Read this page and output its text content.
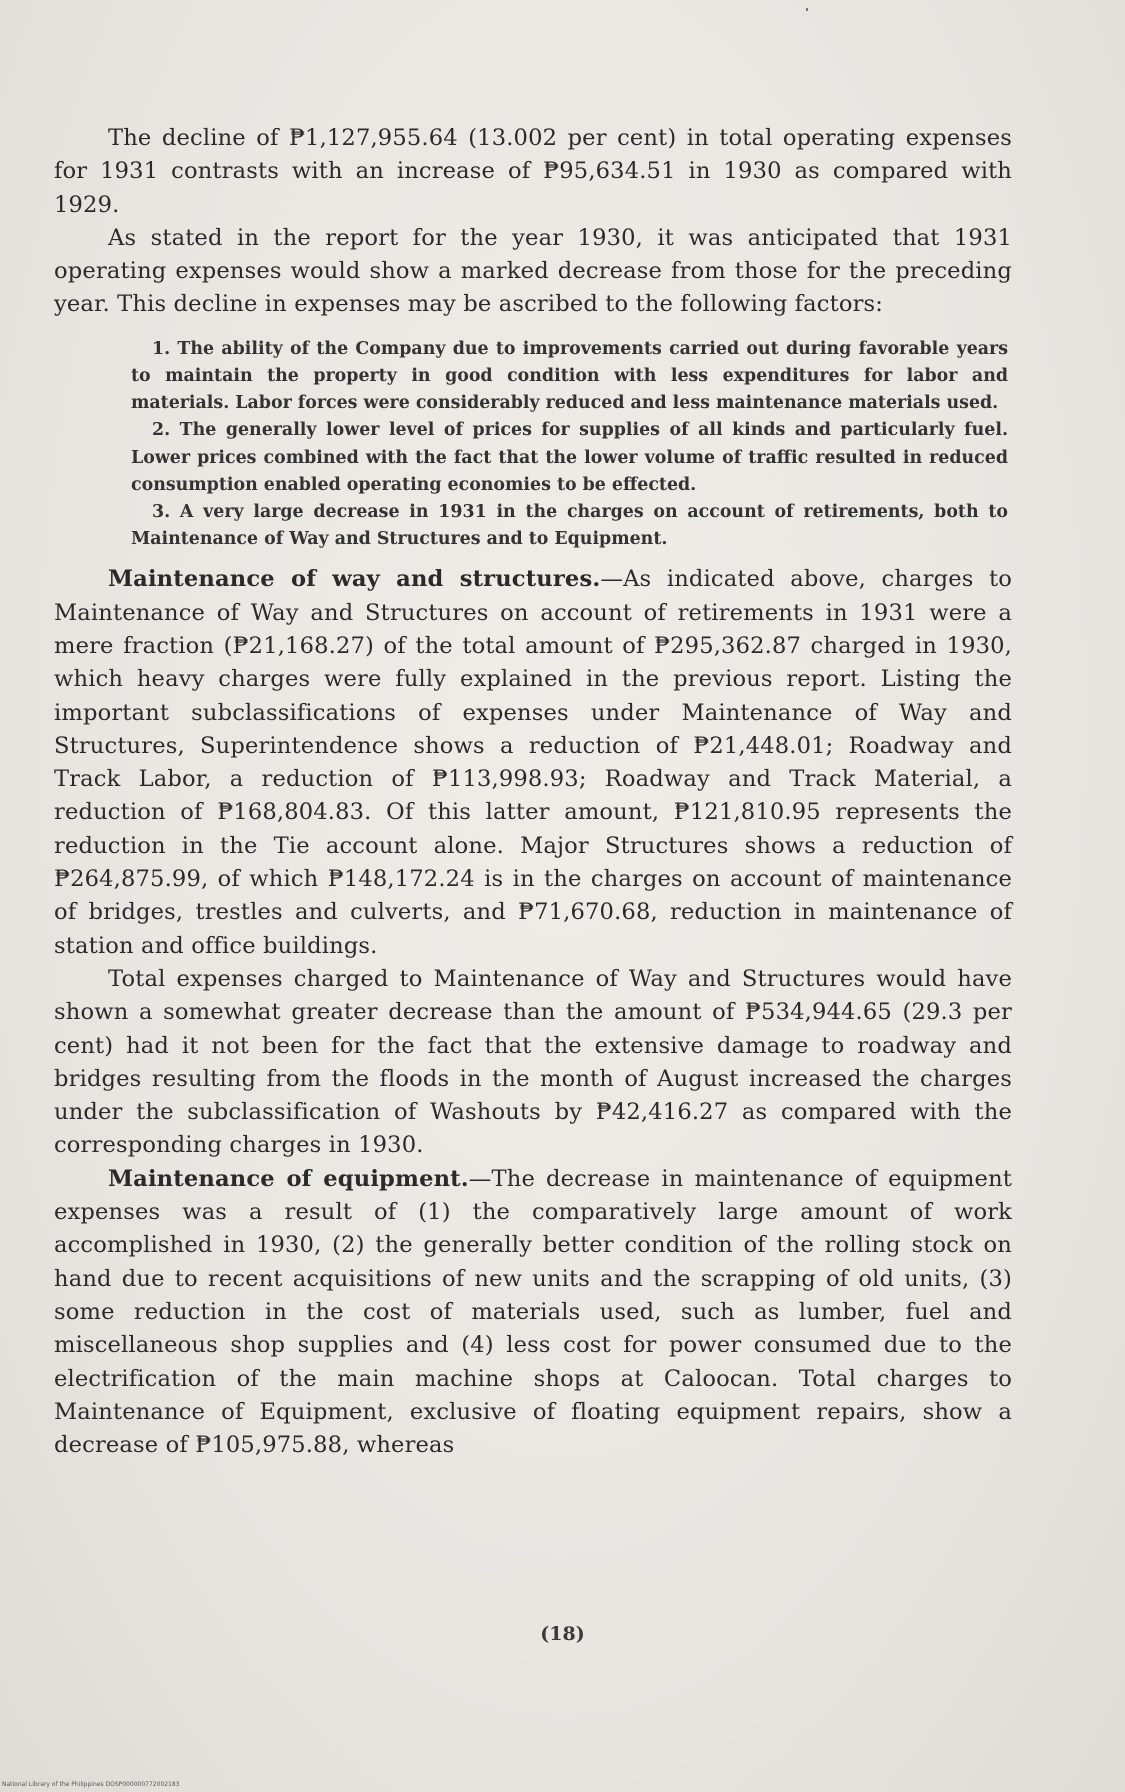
The decline of ₱1,127,955.64 (13.002 per cent) in total operating expenses for 1931 contrasts with an increase of ₱95,634.51 in 1930 as compared with 1929.

As stated in the report for the year 1930, it was anticipated that 1931 operating expenses would show a marked decrease from those for the preceding year. This decline in expenses may be ascribed to the following factors:

1. The ability of the Company due to improvements carried out during favorable years to maintain the property in good condition with less expenditures for labor and materials. Labor forces were considerably reduced and less maintenance materials used.

2. The generally lower level of prices for supplies of all kinds and particularly fuel. Lower prices combined with the fact that the lower volume of traffic resulted in reduced consumption enabled operating economies to be effected.

3. A very large decrease in 1931 in the charges on account of retirements, both to Maintenance of Way and Structures and to Equipment.

Maintenance of way and structures.—As indicated above, charges to Maintenance of Way and Structures on account of retirements in 1931 were a mere fraction (₱21,168.27) of the total amount of ₱295,362.87 charged in 1930, which heavy charges were fully explained in the previous report. Listing the important subclassifications of expenses under Maintenance of Way and Structures, Superintendence shows a reduction of ₱21,448.01; Roadway and Track Labor, a reduction of ₱113,998.93; Roadway and Track Material, a reduction of ₱168,804.83. Of this latter amount, ₱121,810.95 represents the reduction in the Tie account alone. Major Structures shows a reduction of ₱264,875.99, of which ₱148,172.24 is in the charges on account of maintenance of bridges, trestles and culverts, and ₱71,670.68, reduction in maintenance of station and office buildings.

Total expenses charged to Maintenance of Way and Structures would have shown a somewhat greater decrease than the amount of ₱534,944.65 (29.3 per cent) had it not been for the fact that the extensive damage to roadway and bridges resulting from the floods in the month of August increased the charges under the subclassification of Washouts by ₱42,416.27 as compared with the corresponding charges in 1930.

Maintenance of equipment.—The decrease in maintenance of equipment expenses was a result of (1) the comparatively large amount of work accomplished in 1930, (2) the generally better condition of the rolling stock on hand due to recent acquisitions of new units and the scrapping of old units, (3) some reduction in the cost of materials used, such as lumber, fuel and miscellaneous shop supplies and (4) less cost for power consumed due to the electrification of the main machine shops at Caloocan. Total charges to Maintenance of Equipment, exclusive of floating equipment repairs, show a decrease of ₱105,975.88, whereas

(18)
National Library of the Philippines DOSP000000772002183
